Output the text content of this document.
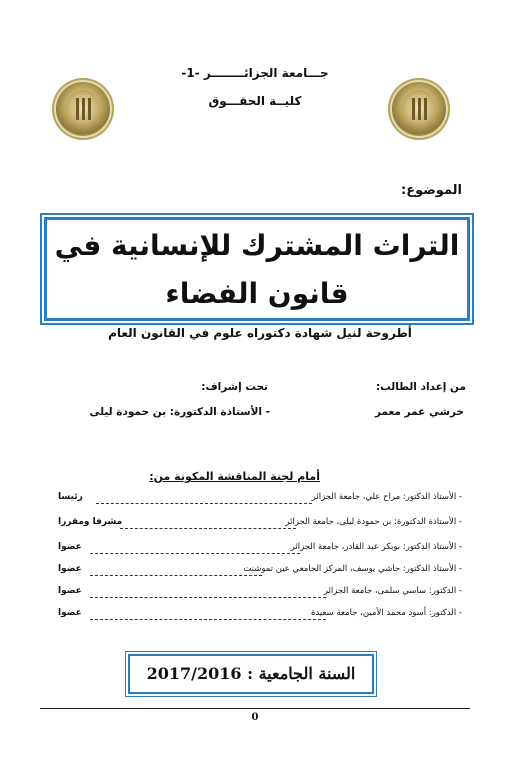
جـــامعة الجزائــــــــر -1-
كليــة الحقـــوق
الموضوع:
التراث المشترك للإنسانية في قانون الفضاء
أطروحة لنيل شهادة دكتوراه علوم في القانون العام
من إعداد الطالب:
خرشي عمر معمر
تحت إشراف:
- الأستاذة الدكتورة: بن حمودة ليلى
أمام لجنة المناقشة المكونة من:
- الأستاذ الدكتور: مراح علي، جامعة الجزائر
رئيسا
- الأستاذة الدكتورة: بن حمودة ليلى، جامعة الجزائر
مشرفا ومقررا
- الأستاذ الدكتور: بوبكر عبد القادر، جامعة الجزائر
عضوا
- الأستاذ الدكتور: حاشي يوسف، المركز الجامعي عين تموشنت
عضوا
- الدكتور: ساسي سلمى، جامعة الجزائر
عضوا
- الدكتور: أسود محمد الأمين، جامعة سعيدة
عضوا
السنة الجامعية : 2017/2016
0
